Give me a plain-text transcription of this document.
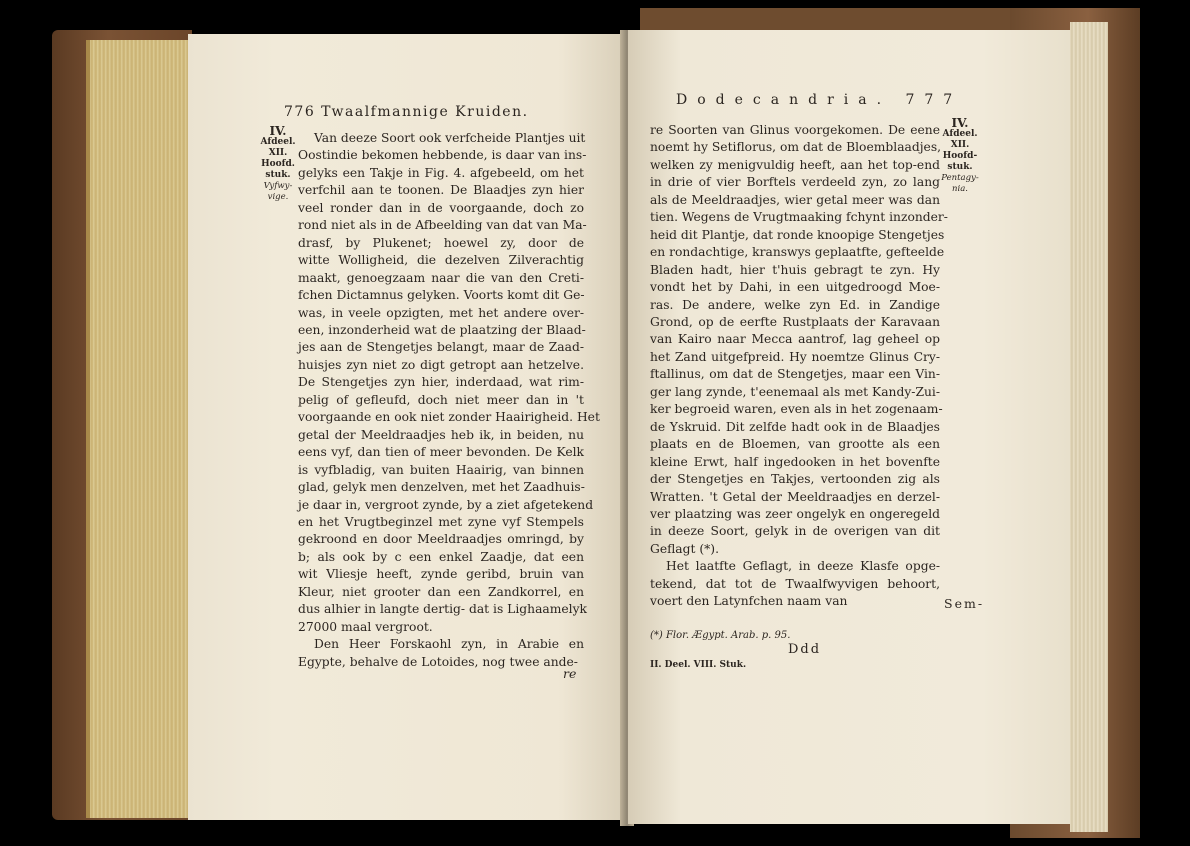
776 Twaalfmannige Kruiden.
IV.
Afdeel.
XII.
Hoofd.
stuk.
Vyfwy-
vige.
Van deeze Soort ook verfcheide Plantjes uit
Oostindie bekomen hebbende, is daar van ins-
gelyks een Takje in Fig. 4. afgebeeld, om het
verfchil aan te toonen. De Blaadjes zyn hier
veel ronder dan in de voorgaande, doch zo
rond niet als in de Afbeelding van dat van Ma-
drasf, by Plukenet; hoewel zy, door de
witte Wolligheid, die dezelven Zilverachtig
maakt, genoegzaam naar die van den Creti-
fchen Dictamnus gelyken. Voorts komt dit Ge-
was, in veele opzigten, met het andere over-
een, inzonderheid wat de plaatzing der Blaad-
jes aan de Stengetjes belangt, maar de Zaad-
huisjes zyn niet zo digt getropt aan hetzelve.
De Stengetjes zyn hier, inderdaad, wat rim-
pelig of gefleufd, doch niet meer dan in 't
voorgaande en ook niet zonder Haairigheid. Het
getal der Meeldraadjes heb ik, in beiden, nu
eens vyf, dan tien of meer bevonden. De Kelk
is vyfbladig, van buiten Haairig, van binnen
glad, gelyk men denzelven, met het Zaadhuis-
je daar in, vergroot zynde, by a ziet afgetekend
en het Vrugtbeginzel met zyne vyf Stempels
gekroond en door Meeldraadjes omringd, by
b; als ook by c een enkel Zaadje, dat een
wit Vliesje heeft, zynde geribd, bruin van
Kleur, niet grooter dan een Zandkorrel, en
dus alhier in langte dertig- dat is Lighaamelyk
27000 maal vergroot.
Den Heer Forskaohl zyn, in Arabie en
Egypte, behalve de Lotoides, nog twee ande-
re
Dodecandria. 777
IV.
Afdeel.
XII.
Hoofd-
stuk.
Pentagy-
nia.
re Soorten van Glinus voorgekomen. De eene
noemt hy Setiflorus, om dat de Bloemblaadjes,
welken zy menigvuldig heeft, aan het top-end
in drie of vier Borftels verdeeld zyn, zo lang
als de Meeldraadjes, wier getal meer was dan
tien. Wegens de Vrugtmaaking fchynt inzonder-
heid dit Plantje, dat ronde knoopige Stengetjes
en rondachtige, kranswys geplaatfte, gefteelde
Bladen hadt, hier t'huis gebragt te zyn. Hy
vondt het by Dahi, in een uitgedroogd Moe-
ras. De andere, welke zyn Ed. in Zandige
Grond, op de eerfte Rustplaats der Karavaan
van Kairo naar Mecca aantrof, lag geheel op
het Zand uitgefpreid. Hy noemtze Glinus Cry-
ftallinus, om dat de Stengetjes, maar een Vin-
ger lang zynde, t'eenemaal als met Kandy-Zui-
ker begroeid waren, even als in het zogenaam-
de Yskruid. Dit zelfde hadt ook in de Blaadjes
plaats en de Bloemen, van grootte als een
kleine Erwt, half ingedooken in het bovenfte
der Stengetjes en Takjes, vertoonden zig als
Wratten. 't Getal der Meeldraadjes en derzel-
ver plaatzing was zeer ongelyk en ongeregeld
in deeze Soort, gelyk in de overigen van dit
Geflagt (*).
Het laatfte Geflagt, in deeze Klasfe opge-
tekend, dat tot de Twaalfwyvigen behoort,
voert den Latynfchen naam van	Sem-
(*) Flor. Ægypt. Arab. p. 95.
Ddd
II. Deel. VIII. Stuk.
